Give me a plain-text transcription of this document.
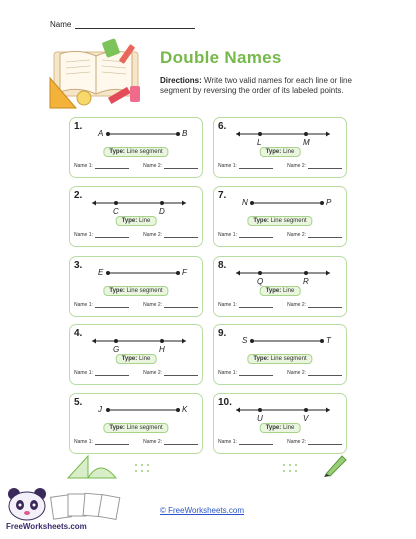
Name
Double Names
Directions: Write two valid names for each line or line segment by reversing the order of its labeled points.
1.
A	B
Type: Line segment
Name 1:	Name 2:
6.
L	M
Type: Line
Name 1:	Name 2:
2.
C	D
Type: Line
Name 1:	Name 2:
7.
N	P
Type: Line segment
Name 1:	Name 2:
3.
E	F
Type: Line segment
Name 1:	Name 2:
8.
Q	R
Type: Line
Name 1:	Name 2:
4.
G	H
Type: Line
Name 1:	Name 2:
9.
S	T
Type: Line segment
Name 1:	Name 2:
5.
J	K
Type: Line segment
Name 1:	Name 2:
10.
U	V
Type: Line
Name 1:	Name 2:
FreeWorksheets.com
© FreeWorksheets.com
